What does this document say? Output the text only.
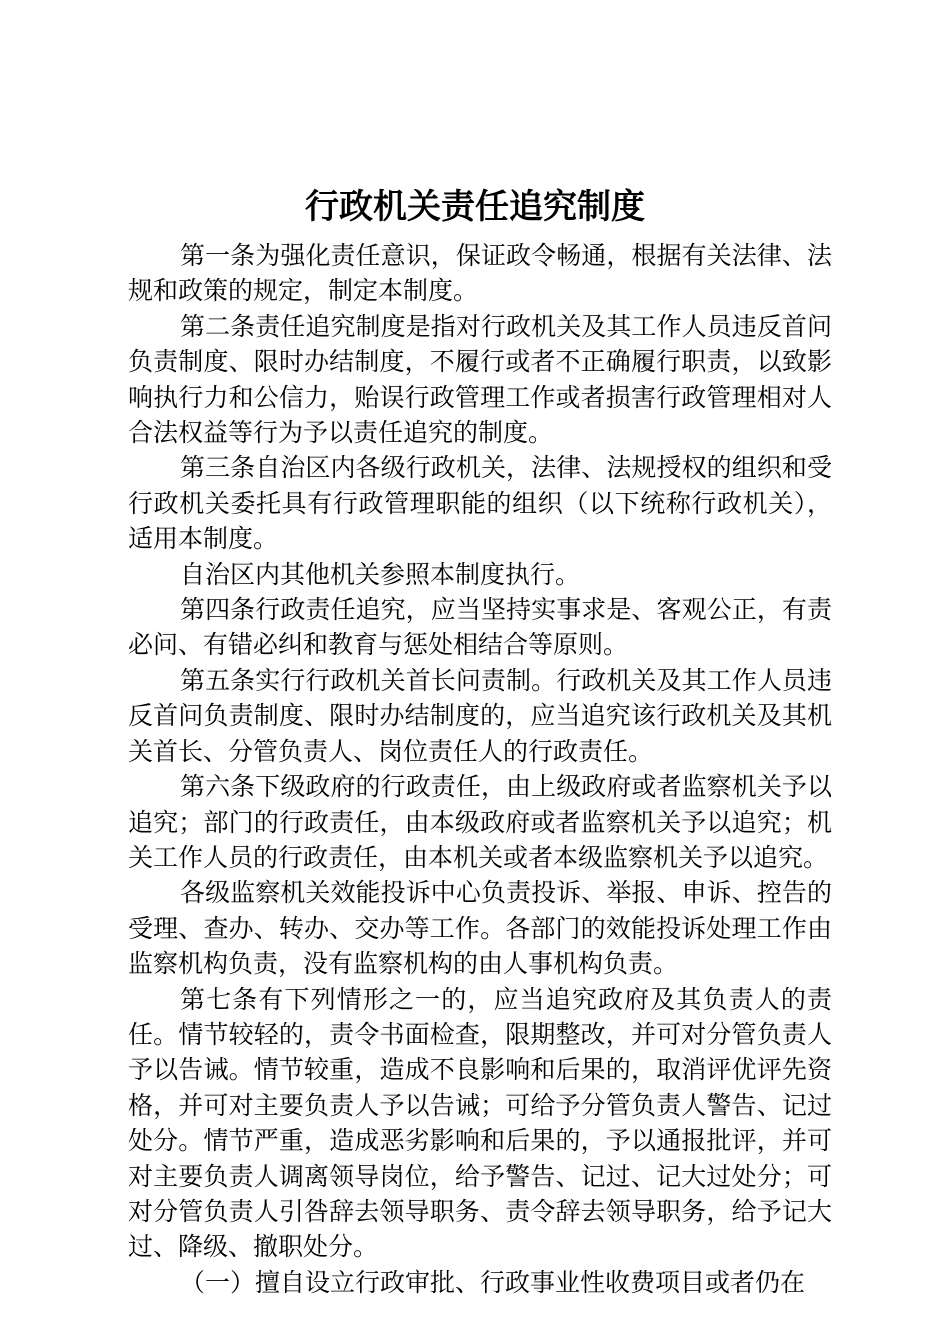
行政机关责任追究制度

第一条为强化责任意识，保证政令畅通，根据有关法律、法规和政策的规定，制定本制度。

第二条责任追究制度是指对行政机关及其工作人员违反首问负责制度、限时办结制度，不履行或者不正确履行职责，以致影响执行力和公信力，贻误行政管理工作或者损害行政管理相对人合法权益等行为予以责任追究的制度。

第三条自治区内各级行政机关，法律、法规授权的组织和受行政机关委托具有行政管理职能的组织（以下统称行政机关），适用本制度。

自治区内其他机关参照本制度执行。

第四条行政责任追究，应当坚持实事求是、客观公正，有责必问、有错必纠和教育与惩处相结合等原则。

第五条实行行政机关首长问责制。行政机关及其工作人员违反首问负责制度、限时办结制度的，应当追究该行政机关及其机关首长、分管负责人、岗位责任人的行政责任。

第六条下级政府的行政责任，由上级政府或者监察机关予以追究；部门的行政责任，由本级政府或者监察机关予以追究；机关工作人员的行政责任，由本机关或者本级监察机关予以追究。

各级监察机关效能投诉中心负责投诉、举报、申诉、控告的受理、查办、转办、交办等工作。各部门的效能投诉处理工作由监察机构负责，没有监察机构的由人事机构负责。

第七条有下列情形之一的，应当追究政府及其负责人的责任。情节较轻的，责令书面检查，限期整改，并可对分管负责人予以告诫。情节较重，造成不良影响和后果的，取消评优评先资格，并可对主要负责人予以告诫；可给予分管负责人警告、记过处分。情节严重，造成恶劣影响和后果的，予以通报批评，并可对主要负责人调离领导岗位，给予警告、记过、记大过处分；可对分管负责人引咎辞去领导职务、责令辞去领导职务，给予记大过、降级、撤职处分。

（一）擅自设立行政审批、行政事业性收费项目或者仍在
